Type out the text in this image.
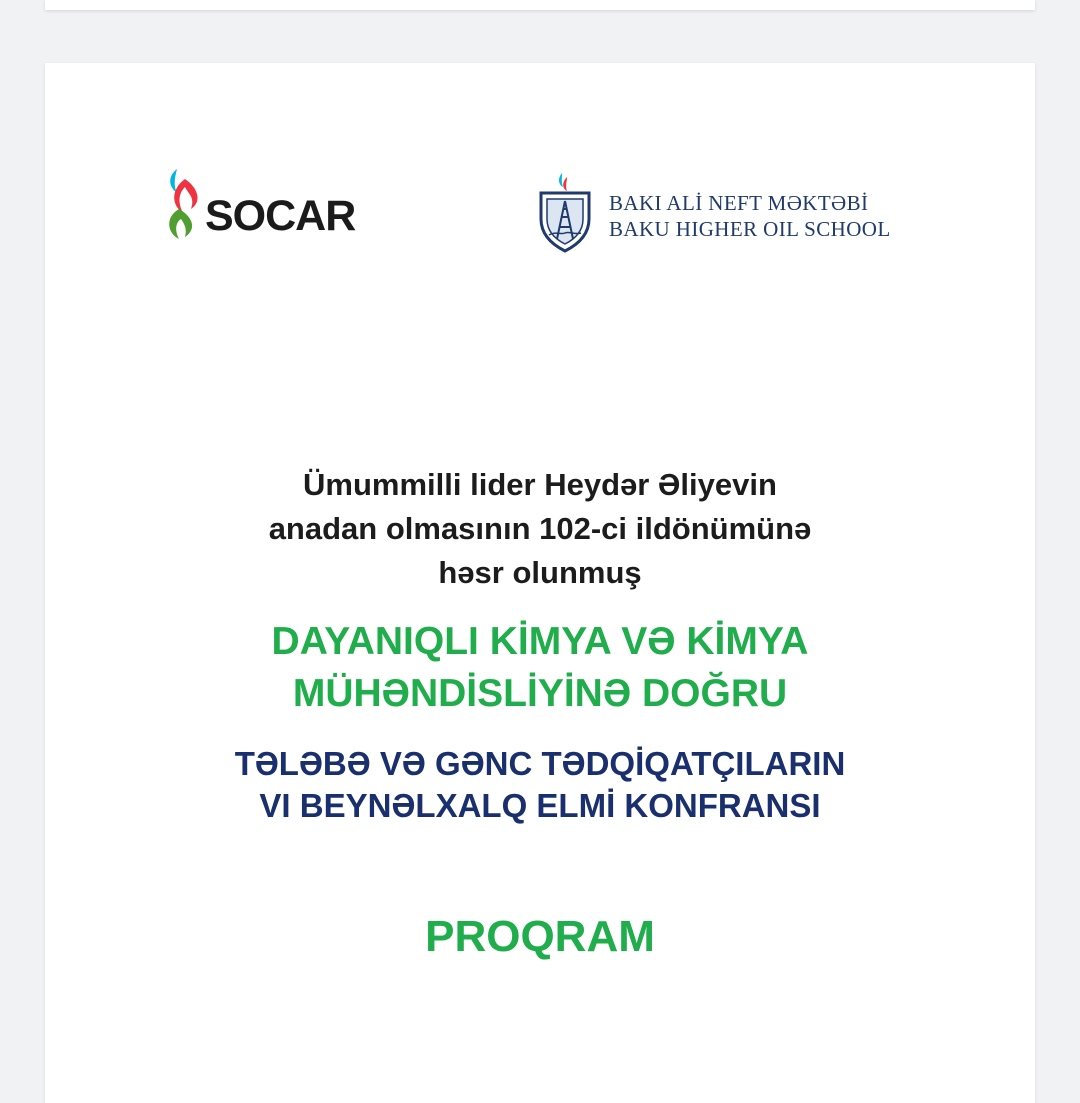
SOCAR	BAKI ALİ NEFT MƏKTƏBİ
BAKU HIGHER OIL SCHOOL
Ümummilli lider Heydər Əliyevin
anadan olmasının 102-ci ildönümünə
həsr olunmuş
DAYANIQLI KİMYA VƏ KİMYA
MÜHƏNDİSLİYİNƏ DOĞRU
TƏLƏBƏ VƏ GƏNC TƏDQİQATÇILARIN
VI BEYNƏLXALQ ELMİ KONFRANSI
PROQRAM
